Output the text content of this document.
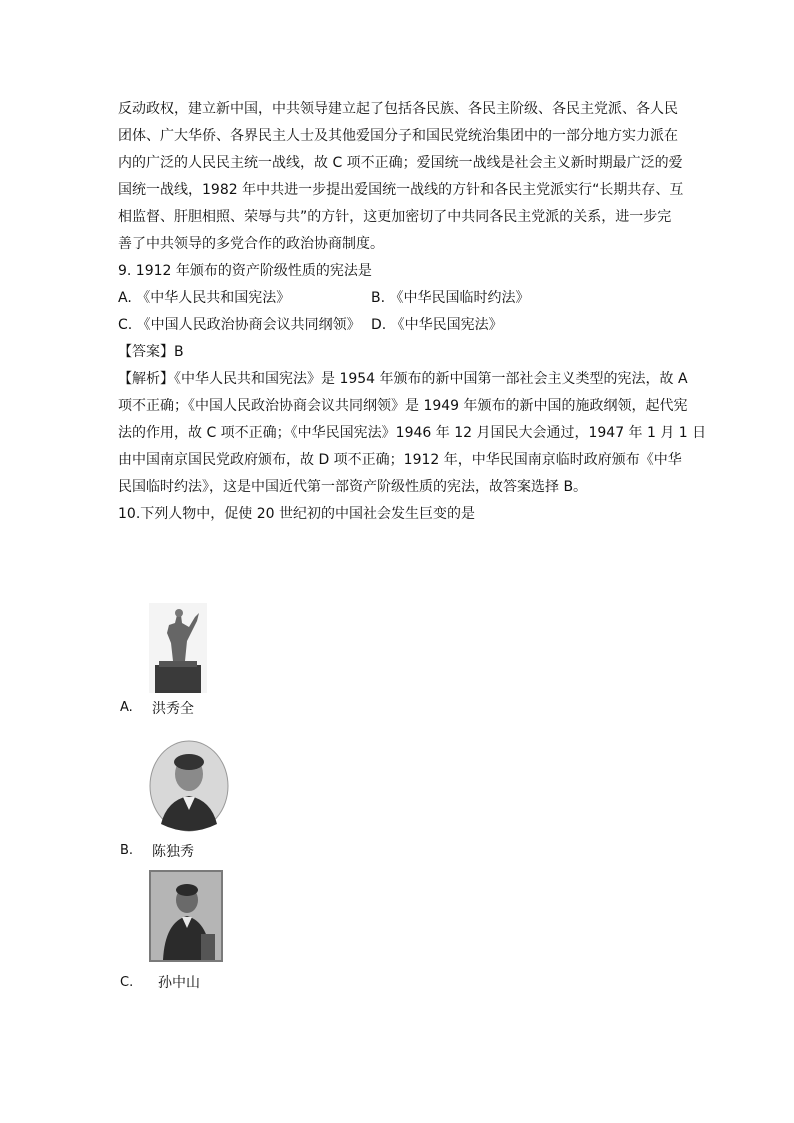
反动政权，建立新中国，中共领导建立起了包括各民族、各民主阶级、各民主党派、各人民
团体、广大华侨、各界民主人士及其他爱国分子和国民党统治集团中的一部分地方实力派在
内的广泛的人民民主统一战线，故 C 项不正确；爱国统一战线是社会主义新时期最广泛的爱
国统一战线，1982 年中共进一步提出爱国统一战线的方针和各民主党派实行“长期共存、互
相监督、肝胆相照、荣辱与共”的方针，这更加密切了中共同各民主党派的关系，进一步完
善了中共领导的多党合作的政治协商制度。
9. 1912 年颁布的资产阶级性质的宪法是
A. 《中华人民共和国宪法》	B. 《中华民国临时约法》
C. 《中国人民政治协商会议共同纲领》 D. 《中华民国宪法》
【答案】B
【解析】《中华人民共和国宪法》是 1954 年颁布的新中国第一部社会主义类型的宪法，故 A
项不正确；《中国人民政治协商会议共同纲领》是 1949 年颁布的新中国的施政纲领，起代宪
法的作用，故 C 项不正确；《中华民国宪法》1946 年 12 月国民大会通过，1947 年 1 月 1 日
由中国南京国民党政府颁布，故 D 项不正确；1912 年，中华民国南京临时政府颁布《中华
民国临时约法》，这是中国近代第一部资产阶级性质的宪法，故答案选择 B。
10.下列人物中，促使 20 世纪初的中国社会发生巨变的是
A. 洪秀全
B. 陈独秀
C. 孙中山
